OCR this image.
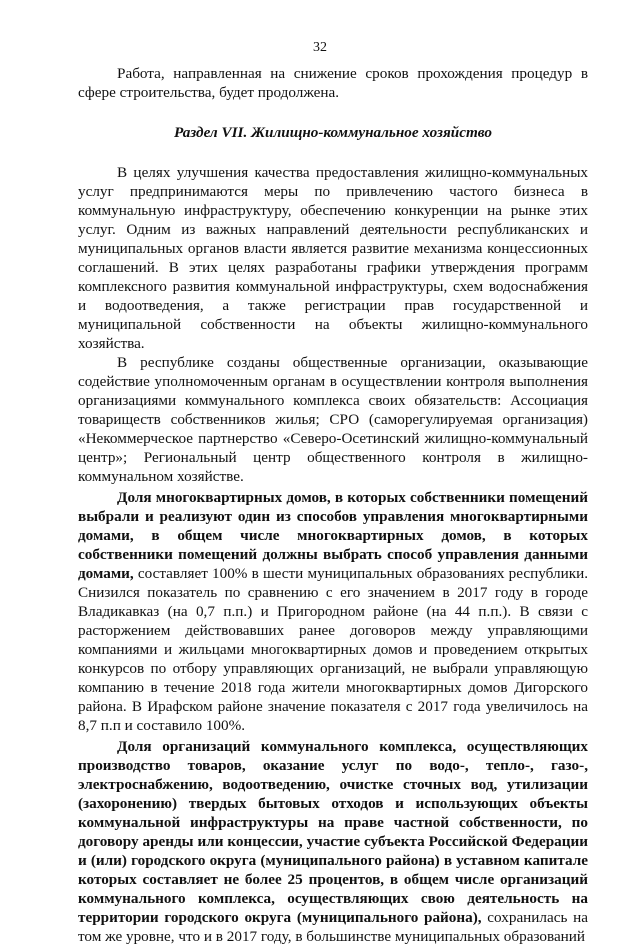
32

Работа, направленная на снижение сроков прохождения процедур в сфере строительства, будет продолжена.

Раздел VII. Жилищно-коммунальное хозяйство

В целях улучшения качества предоставления жилищно-коммунальных услуг предпринимаются меры по привлечению частого бизнеса в коммунальную инфраструктуру, обеспечению конкуренции на рынке этих услуг. Одним из важных направлений деятельности республиканских и муниципальных органов власти является развитие механизма концессионных соглашений. В этих целях разработаны графики утверждения программ комплексного развития коммунальной инфраструктуры, схем водоснабжения и водоотведения, а также регистрации прав государственной и муниципальной собственности на объекты жилищно-коммунального хозяйства.

В республике созданы общественные организации, оказывающие содействие уполномоченным органам в осуществлении контроля выполнения организациями коммунального комплекса своих обязательств: Ассоциация товариществ собственников жилья; СРО (саморегулируемая организация) «Некоммерческое партнерство «Северо-Осетинский жилищно-коммунальный центр»; Региональный центр общественного контроля в жилищно-коммунальном хозяйстве.

Доля многоквартирных домов, в которых собственники помещений выбрали и реализуют один из способов управления многоквартирными домами, в общем числе многоквартирных домов, в которых собственники помещений должны выбрать способ управления данными домами, составляет 100% в шести муниципальных образованиях республики. Снизился показатель по сравнению с его значением в 2017 году в городе Владикавказ (на 0,7 п.п.) и Пригородном районе (на 44 п.п.). В связи с расторжением действовавших ранее договоров между управляющими компаниями и жильцами многоквартирных домов и проведением открытых конкурсов по отбору управляющих организаций, не выбрали управляющую компанию в течение 2018 года жители многоквартирных домов Дигорского района. В Ирафском районе значение показателя с 2017 года увеличилось на 8,7 п.п и составило 100%.

Доля организаций коммунального комплекса, осуществляющих производство товаров, оказание услуг по водо-, тепло-, газо-, электроснабжению, водоотведению, очистке сточных вод, утилизации (захоронению) твердых бытовых отходов и использующих объекты коммунальной инфраструктуры на праве частной собственности, по договору аренды или концессии, участие субъекта Российской Федерации и (или) городского округа (муниципального района) в уставном капитале которых составляет не более 25 процентов, в общем числе организаций коммунального комплекса, осуществляющих свою деятельность на территории городского округа (муниципального района), сохранилась на том же уровне, что и в 2017 году, в большинстве муниципальных образований
